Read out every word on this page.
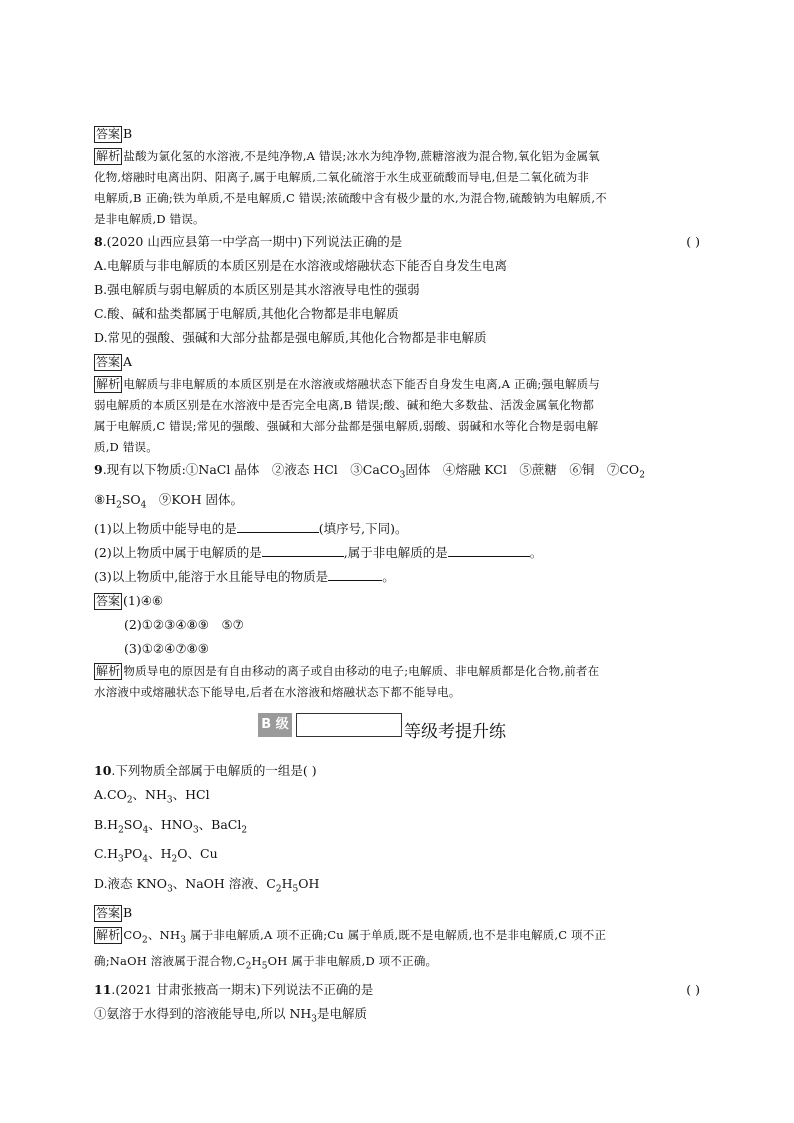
答案 B
解析 盐酸为氯化氢的水溶液,不是纯净物,A 错误;冰水为纯净物,蔗糖溶液为混合物,氧化铝为金属氧
化物,熔融时电离出阴、阳离子,属于电解质,二氧化硫溶于水生成亚硫酸而导电,但是二氧化硫为非
电解质,B 正确;铁为单质,不是电解质,C 错误;浓硫酸中含有极少量的水,为混合物,硫酸钠为电解质,不
是非电解质,D 错误。
8.(2020 山西应县第一中学高一期中)下列说法正确的是	( )
A.电解质与非电解质的本质区别是在水溶液或熔融状态下能否自身发生电离
B.强电解质与弱电解质的本质区别是其水溶液导电性的强弱
C.酸、碱和盐类都属于电解质,其他化合物都是非电解质
D.常见的强酸、强碱和大部分盐都是强电解质,其他化合物都是非电解质
答案 A
解析 电解质与非电解质的本质区别是在水溶液或熔融状态下能否自身发生电离,A 正确;强电解质与
弱电解质的本质区别是在水溶液中是否完全电离,B 错误;酸、碱和绝大多数盐、活泼金属氧化物都
属于电解质,C 错误;常见的强酸、强碱和大部分盐都是强电解质,弱酸、弱碱和水等化合物是弱电解
质,D 错误。
9.现有以下物质:①NaCl 晶体　②液态 HCl　③CaCO$_3$固体　④熔融 KCl　⑤蔗糖　⑥铜　$⑦CO_2$
$⑧H_2SO_4$　⑨KOH 固体。
(1)以上物质中能导电的是	(填序号,下同)。
(2)以上物质中属于电解质的是	,属于非电解质的是	。
(3)以上物质中,能溶于水且能导电的物质是	。
答案 (1)④⑥
(2)①②③④⑧⑨　⑤⑦
(3)①②④⑦⑧⑨
解析 物质导电的原因是有自由移动的离子或自由移动的电子;电解质、非电解质都是化合物,前者在
水溶液中或熔融状态下能导电,后者在水溶液和熔融状态下都不能导电。
B 级	等级考提升练
10.下列物质全部属于电解质的一组是( )
$A.CO_2$、$NH_3$、HCl
$B.H_2SO_4$、$HNO_3$、BaCl$_2$
$C.H_3PO_4$、$H_2O$、Cu
D.液态 $KNO_3$、NaOH 溶液、$C_2H_5OH$
答案 B
解析 $CO_2$、$NH_3$ 属于非电解质,A 项不正确;Cu 属于单质,既不是电解质,也不是非电解质,C 项不正
确;NaOH 溶液属于混合物$,C_2H_5OH$ 属于非电解质,D 项不正确。
11.(2021 甘肃张掖高一期末)下列说法不正确的是	( )
①氨溶于水得到的溶液能导电,所以 $NH_3$是电解质
